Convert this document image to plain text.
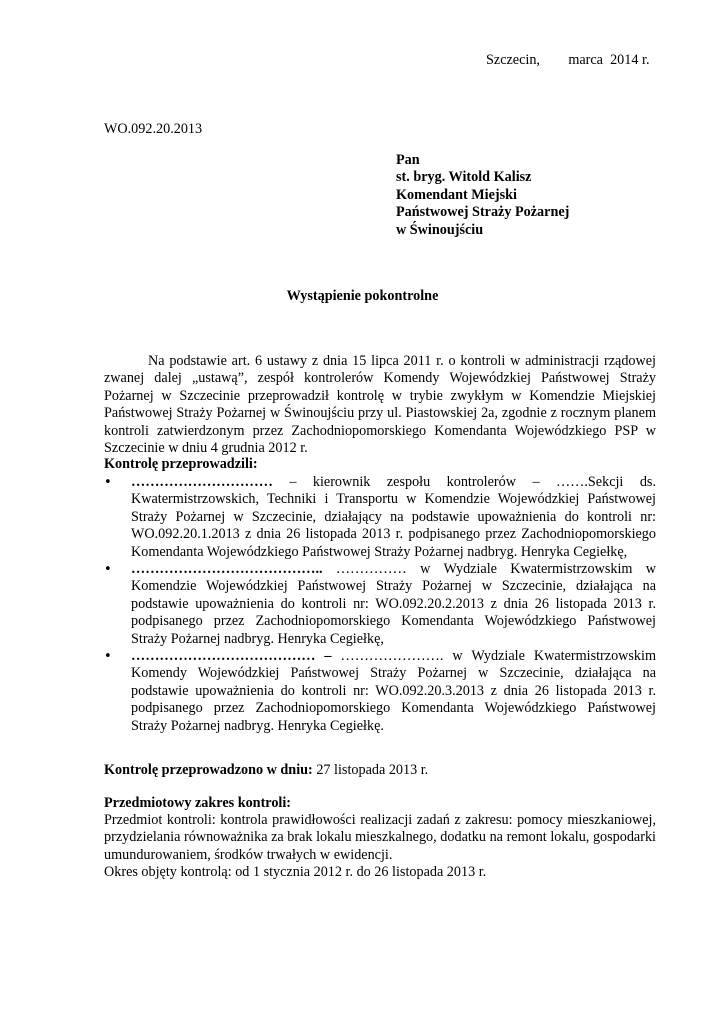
Szczecin,        marca  2014 r.
WO.092.20.2013
Pan
st. bryg. Witold Kalisz
Komendant Miejski
Państwowej Straży Pożarnej
w Świnoujściu
Wystąpienie pokontrolne
Na podstawie art. 6 ustawy z dnia 15 lipca 2011 r. o kontroli w administracji rządowej zwanej dalej „ustawą”, zespół kontrolerów Komendy Wojewódzkiej Państwowej Straży Pożarnej w Szczecinie przeprowadził kontrolę w trybie zwykłym w Komendzie Miejskiej Państwowej Straży Pożarnej w Świnoujściu przy ul. Piastowskiej 2a, zgodnie z rocznym planem kontroli zatwierdzonym przez Zachodniopomorskiego Komendanta Wojewódzkiego PSP w Szczecinie w dniu 4 grudnia 2012 r.
Kontrolę przeprowadzili:
• ………………………… – kierownik zespołu kontrolerów – …….Sekcji ds. Kwatermistrzowskich, Techniki i Transportu w Komendzie Wojewódzkiej Państwowej Straży Pożarnej w Szczecinie, działający na podstawie upoważnienia do kontroli nr: WO.092.20.1.2013 z dnia 26 listopada 2013 r. podpisanego przez Zachodniopomorskiego Komendanta Wojewódzkiego Państwowej Straży Pożarnej nadbryg. Henryka Cegiełkę,
• ………………………………….. …………… w Wydziale Kwatermistrzowskim w Komendzie Wojewódzkiej Państwowej Straży Pożarnej w Szczecinie, działająca na podstawie upoważnienia do kontroli nr: WO.092.20.2.2013 z dnia 26 listopada 2013 r. podpisanego przez Zachodniopomorskiego Komendanta Wojewódzkiego Państwowej Straży Pożarnej nadbryg. Henryka Cegiełkę,
• ………………………………… – …………………. w Wydziale Kwatermistrzowskim Komendy Wojewódzkiej Państwowej Straży Pożarnej w Szczecinie, działająca na podstawie upoważnienia do kontroli nr: WO.092.20.3.2013 z dnia 26 listopada 2013 r. podpisanego przez Zachodniopomorskiego Komendanta Wojewódzkiego Państwowej Straży Pożarnej nadbryg. Henryka Cegiełkę.
Kontrolę przeprowadzono w dniu: 27 listopada 2013 r.
Przedmiotowy zakres kontroli:
Przedmiot kontroli: kontrola prawidłowości realizacji zadań z zakresu: pomocy mieszkaniowej, przydzielania równoważnika za brak lokalu mieszkalnego, dodatku na remont lokalu, gospodarki umundurowaniem, środków trwałych w ewidencji.
Okres objęty kontrolą: od 1 stycznia 2012 r. do 26 listopada 2013 r.
